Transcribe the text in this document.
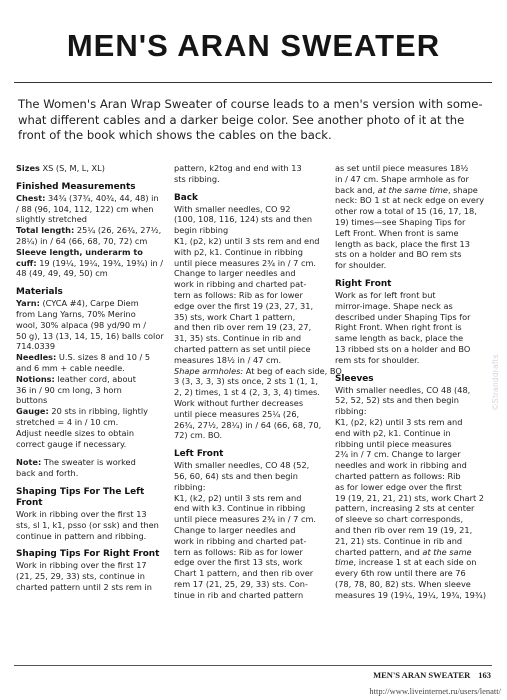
MEN'S ARAN SWEATER
The Women's Aran Wrap Sweater of course leads to a men's version with some-
what different cables and a darker beige color. See another photo of it at the
front of the book which shows the cables on the back.
Sizes XS (S, M, L, XL)
Finished Measurements
Chest: 34¾ (37¾, 40¾, 44, 48) in
/ 88 (96, 104, 112, 122) cm when
slightly stretched
Total length: 25¼ (26, 26¾, 27½,
28¼) in / 64 (66, 68, 70, 72) cm
Sleeve length, underarm to
cuff: 19 (19¼, 19¼, 19¾, 19¾) in /
48 (49, 49, 49, 50) cm
Materials
Yarn: (CYCA #4), Carpe Diem
from Lang Yarns, 70% Merino
wool, 30% alpaca (98 yd/90 m /
50 g), 13 (13, 14, 15, 16) balls color
714.0339
Needles: U.S. sizes 8 and 10 / 5
and 6 mm + cable needle.
Notions: leather cord, about
36 in / 90 cm long, 3 horn
buttons
Gauge: 20 sts in ribbing, lightly
stretched = 4 in / 10 cm.
Adjust needle sizes to obtain
correct gauge if necessary.
Note: The sweater is worked
back and forth.
Shaping Tips For The Left
Front
Work in ribbing over the first 13
sts, sl 1, k1, psso (or ssk) and then
continue in pattern and ribbing.
Shaping Tips For Right Front
Work in ribbing over the first 17
(21, 25, 29, 33) sts, continue in
charted pattern until 2 sts rem in
pattern, k2tog and end with 13
sts ribbing.
Back
With smaller needles, CO 92
(100, 108, 116, 124) sts and then
begin ribbing
K1, (p2, k2) until 3 sts rem and end
with p2, k1. Continue in ribbing
until piece measures 2¾ in / 7 cm.
Change to larger needles and
work in ribbing and charted pat-
tern as follows: Rib as for lower
edge over the first 19 (23, 27, 31,
35) sts, work Chart 1 pattern,
and then rib over rem 19 (23, 27,
31, 35) sts. Continue in rib and
charted pattern as set until piece
measures 18½ in / 47 cm.
Shape armholes: At beg of each side, BO
3 (3, 3, 3, 3) sts once, 2 sts 1 (1, 1,
2, 2) times, 1 st 4 (2, 3, 3, 4) times.
Work without further decreases
until piece measures 25¼ (26,
26¾, 27½, 28¼) in / 64 (66, 68, 70,
72) cm. BO.
Left Front
With smaller needles, CO 48 (52,
56, 60, 64) sts and then begin
ribbing:
K1, (k2, p2) until 3 sts rem and
end with k3. Continue in ribbing
until piece measures 2¾ in / 7 cm.
Change to larger needles and
work in ribbing and charted pat-
tern as follows: Rib as for lower
edge over the first 13 sts, work
Chart 1 pattern, and then rib over
rem 17 (21, 25, 29, 33) sts. Con-
tinue in rib and charted pattern
as set until piece measures 18½
in / 47 cm. Shape armhole as for
back and, at the same time, shape
neck: BO 1 st at neck edge on every
other row a total of 15 (16, 17, 18,
19) times—see Shaping Tips for
Left Front. When front is same
length as back, place the first 13
sts on a holder and BO rem sts
for shoulder.
Right Front
Work as for left front but
mirror-image. Shape neck as
described under Shaping Tips for
Right Front. When right front is
same length as back, place the
13 ribbed sts on a holder and BO
rem sts for shoulder.
Sleeves
With smaller needles, CO 48 (48,
52, 52, 52) sts and then begin
ribbing:
K1, (p2, k2) until 3 sts rem and
end with p2, k1. Continue in
ribbing until piece measures
2¾ in / 7 cm. Change to larger
needles and work in ribbing and
charted pattern as follows: Rib
as for lower edge over the first
19 (19, 21, 21, 21) sts, work Chart 2
pattern, increasing 2 sts at center
of sleeve so chart corresponds,
and then rib over rem 19 (19, 21,
21, 21) sts. Continue in rib and
charted pattern, and at the same
time, increase 1 st at each side on
every 6th row until there are 76
(78, 78, 80, 82) sts. When sleeve
measures 19 (19¼, 19¼, 19¾, 19¾)
©Stranddrafts
MEN'S ARAN SWEATER 163
http://www.liveinternet.ru/users/lenatt/
